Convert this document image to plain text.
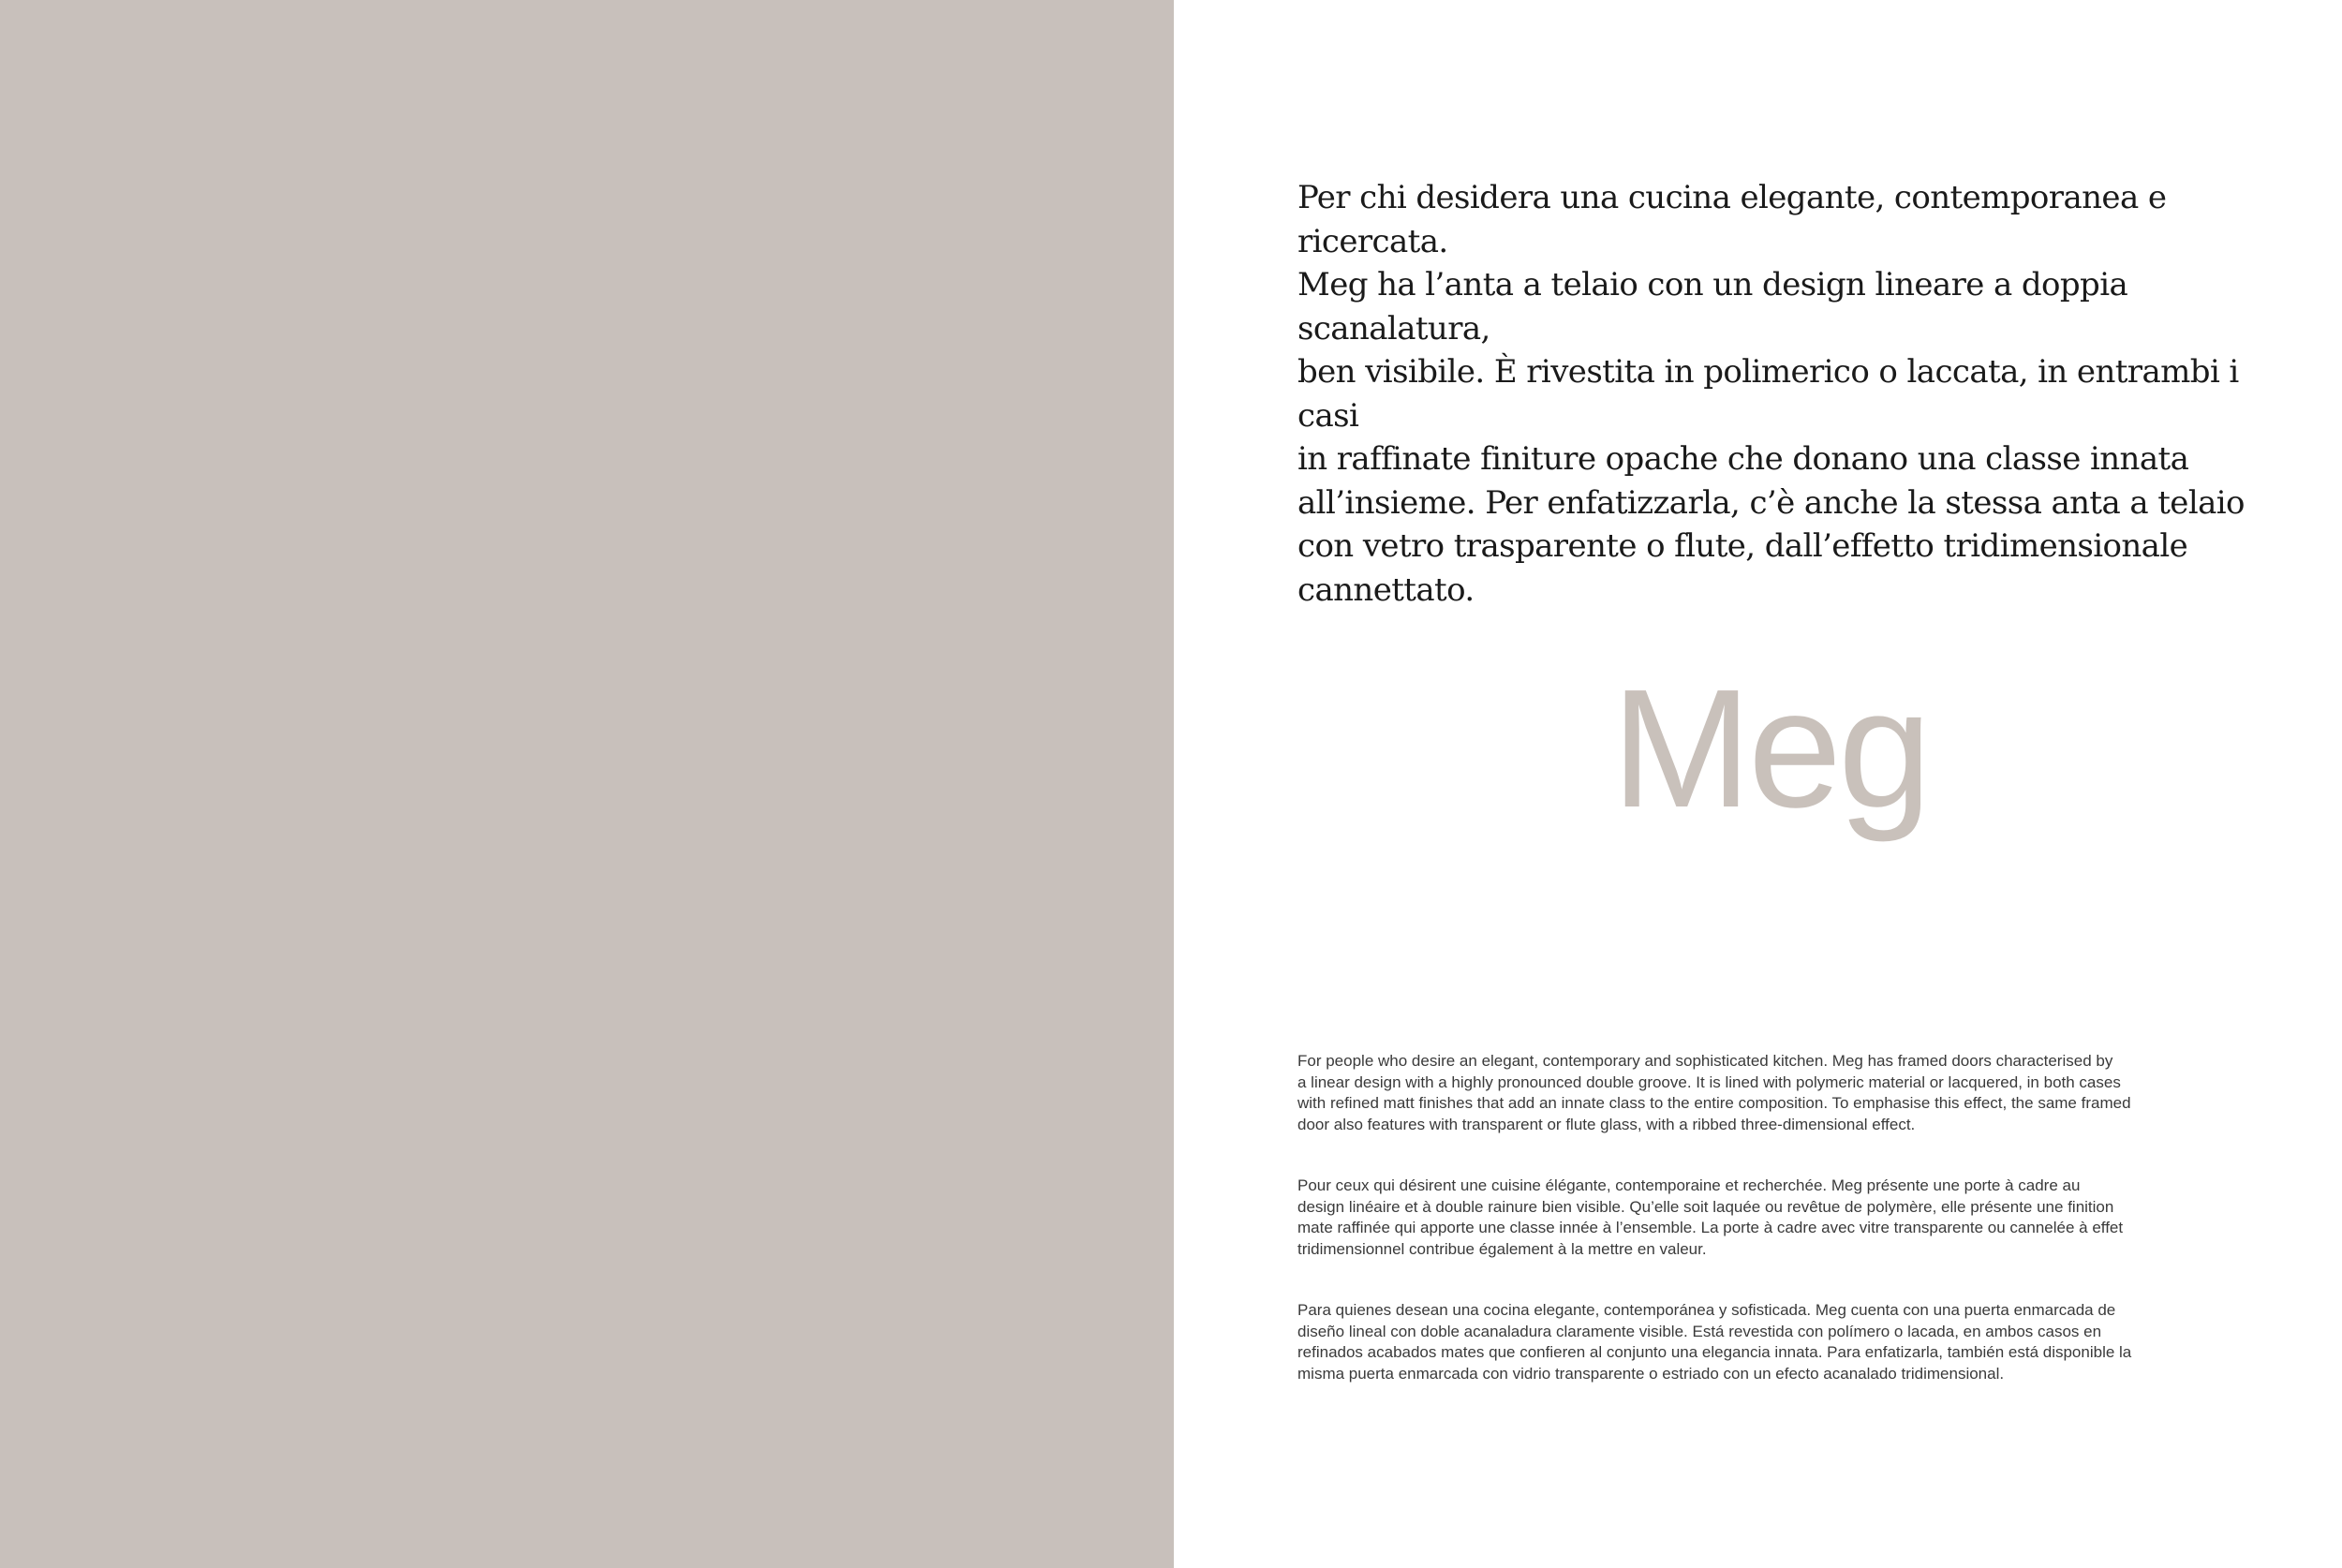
Per chi desidera una cucina elegante, contemporanea e ricercata.
Meg ha l’anta a telaio con un design lineare a doppia scanalatura,
ben visibile. È rivestita in polimerico o laccata, in entrambi i casi
in raffinate finiture opache che donano una classe innata
all’insieme. Per enfatizzarla, c’è anche la stessa anta a telaio
con vetro trasparente o flute, dall’effetto tridimensionale
cannettato.

Meg

For people who desire an elegant, contemporary and sophisticated kitchen. Meg has framed doors characterised by
a linear design with a highly pronounced double groove. It is lined with polymeric material or lacquered, in both cases
with refined matt finishes that add an innate class to the entire composition. To emphasise this effect, the same framed
door also features with transparent or flute glass, with a ribbed three-dimensional effect.

Pour ceux qui désirent une cuisine élégante, contemporaine et recherchée. Meg présente une porte à cadre au
design linéaire et à double rainure bien visible. Qu’elle soit laquée ou revêtue de polymère, elle présente une finition
mate raffinée qui apporte une classe innée à l’ensemble. La porte à cadre avec vitre transparente ou cannelée à effet
tridimensionnel contribue également à la mettre en valeur.

Para quienes desean una cocina elegante, contemporánea y sofisticada. Meg cuenta con una puerta enmarcada de
diseño lineal con doble acanaladura claramente visible. Está revestida con polímero o lacada, en ambos casos en
refinados acabados mates que confieren al conjunto una elegancia innata. Para enfatizarla, también está disponible la
misma puerta enmarcada con vidrio transparente o estriado con un efecto acanalado tridimensional.
